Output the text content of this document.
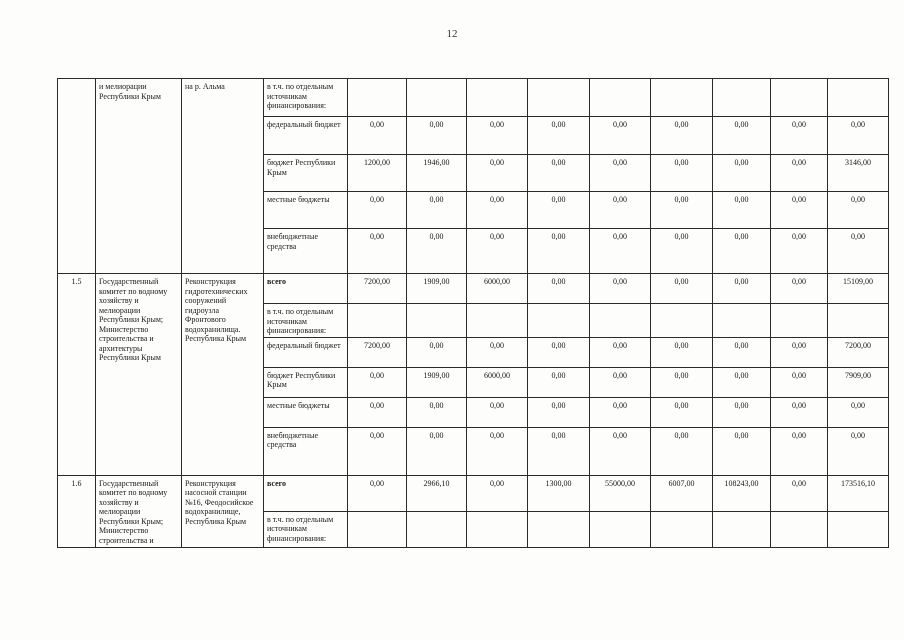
12
	и мелиорации Республики Крым	на р. Альма	в т.ч. по отдельным источникам финансирования:									
			федеральный бюджет	0,00	0,00	0,00	0,00	0,00	0,00	0,00	0,00	0,00
			бюджет Республики Крым	1200,00	1946,00	0,00	0,00	0,00	0,00	0,00	0,00	3146,00
			местные бюджеты	0,00	0,00	0,00	0,00	0,00	0,00	0,00	0,00	0,00
			внебюджетные средства	0,00	0,00	0,00	0,00	0,00	0,00	0,00	0,00	0,00
1.5	Государственный комитет по водному хозяйству и мелиорации Республики Крым; Министерство строительства и архитектуры Республики Крым	Реконструкция гидротехнических сооружений гидроузла Фронтового водохранилища. Республика Крым	всего	7200,00	1909,00	6000,00	0,00	0,00	0,00	0,00	0,00	15109,00
			в т.ч. по отдельным источникам финансирования:									
			федеральный бюджет	7200,00	0,00	0,00	0,00	0,00	0,00	0,00	0,00	7200,00
			бюджет Республики Крым	0,00	1909,00	6000,00	0,00	0,00	0,00	0,00	0,00	7909,00
			местные бюджеты	0,00	0,00	0,00	0,00	0,00	0,00	0,00	0,00	0,00
			внебюджетные средства	0,00	0,00	0,00	0,00	0,00	0,00	0,00	0,00	0,00
1.6	Государственный комитет по водному хозяйству и мелиорации Республики Крым; Министерство строительства и	Реконструкция насосной станции №16, Феодосийское водохранилище, Республика Крым	всего	0,00	2966,10	0,00	1300,00	55000,00	6007,00	108243,00	0,00	173516,10
			в т.ч. по отдельным источникам финансирования:									
